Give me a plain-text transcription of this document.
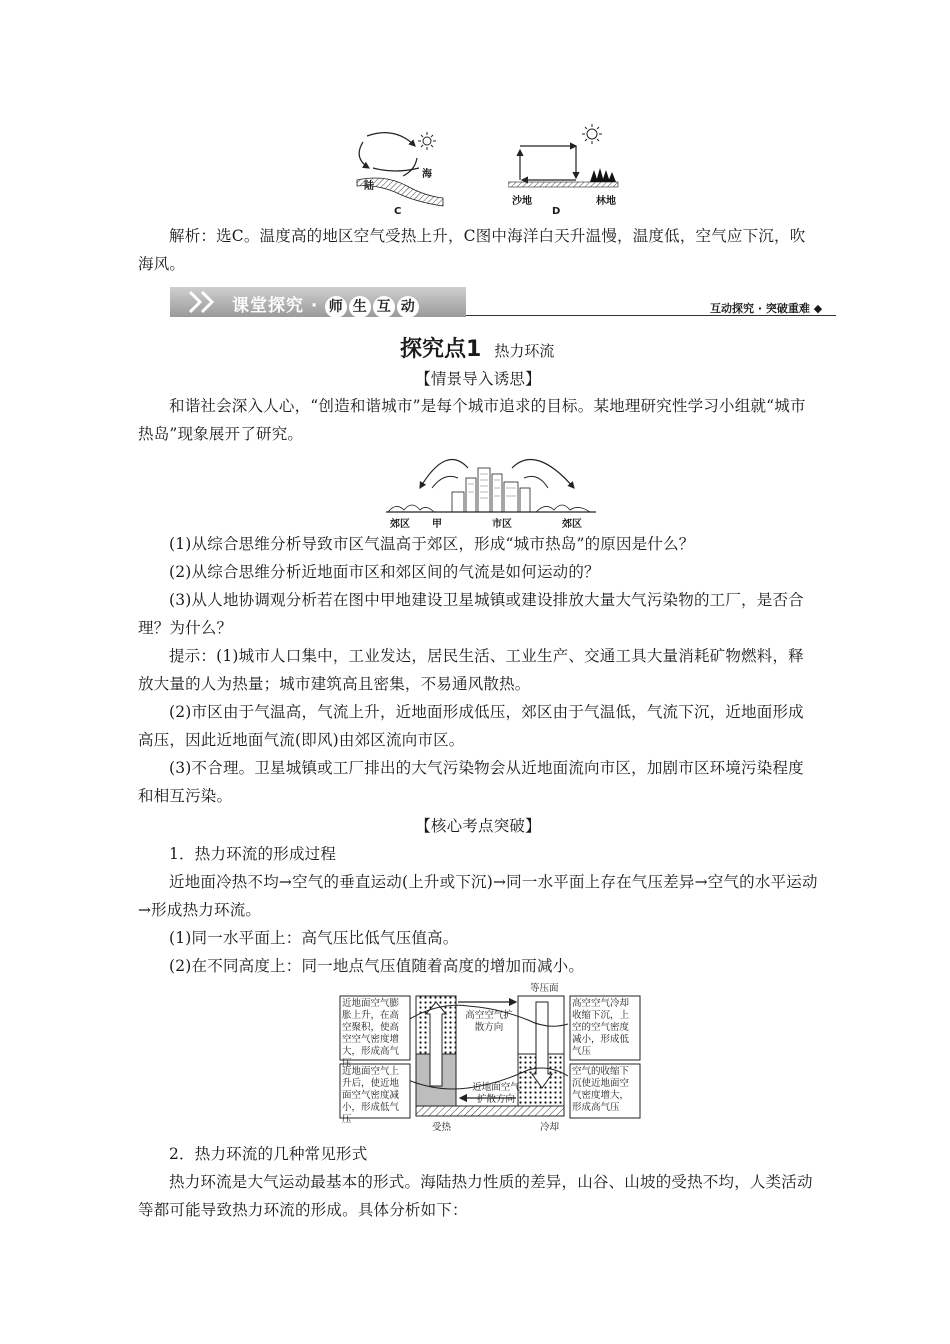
陆
海
C
沙地	林地
D
解析：选C。温度高的地区空气受热上升，C图中海洋白天升温慢，温度低，空气应下沉，吹海风。
课堂探究 · 师 生 互 动	互动探究 · 突破重难 ◆
探究点1 热力环流
【情景导入诱思】
和谐社会深入人心，“创造和谐城市”是每个城市追求的目标。某地理研究性学习小组就“城市热岛”现象展开了研究。
郊区 甲	市区	郊区
(1)从综合思维分析导致市区气温高于郊区，形成“城市热岛”的原因是什么？
(2)从综合思维分析近地面市区和郊区间的气流是如何运动的？
(3)从人地协调观分析若在图中甲地建设卫星城镇或建设排放大量大气污染物的工厂，是否合理？为什么？
提示：(1)城市人口集中，工业发达，居民生活、工业生产、交通工具大量消耗矿物燃料，释放大量的人为热量；城市建筑高且密集，不易通风散热。
(2)市区由于气温高，气流上升，近地面形成低压，郊区由于气温低，气流下沉，近地面形成高压，因此近地面气流(即风)由郊区流向市区。
(3)不合理。卫星城镇或工厂排出的大气污染物会从近地面流向市区，加剧市区环境污染程度和相互污染。
【核心考点突破】
1．热力环流的形成过程
近地面冷热不均→空气的垂直运动(上升或下沉)→同一水平面上存在气压差异→空气的水平运动→形成热力环流。
(1)同一水平面上：高气压比低气压值高。
(2)在不同高度上：同一地点气压值随着高度的增加而减小。
近地面空气膨胀上升，在高空聚积，使高空空气密度增大，形成高气压
高空空气冷却收缩下沉，上空的空气密度减小，形成低气压
近地面空气上升后，使近地面空气密度减小，形成低气压
空气的收缩下沉使近地面空气密度增大，形成高气压
等压面
高空空气扩散方向
近地面空气扩散方向
受热	冷却
2．热力环流的几种常见形式
热力环流是大气运动最基本的形式。海陆热力性质的差异，山谷、山坡的受热不均，人类活动等都可能导致热力环流的形成。具体分析如下：
